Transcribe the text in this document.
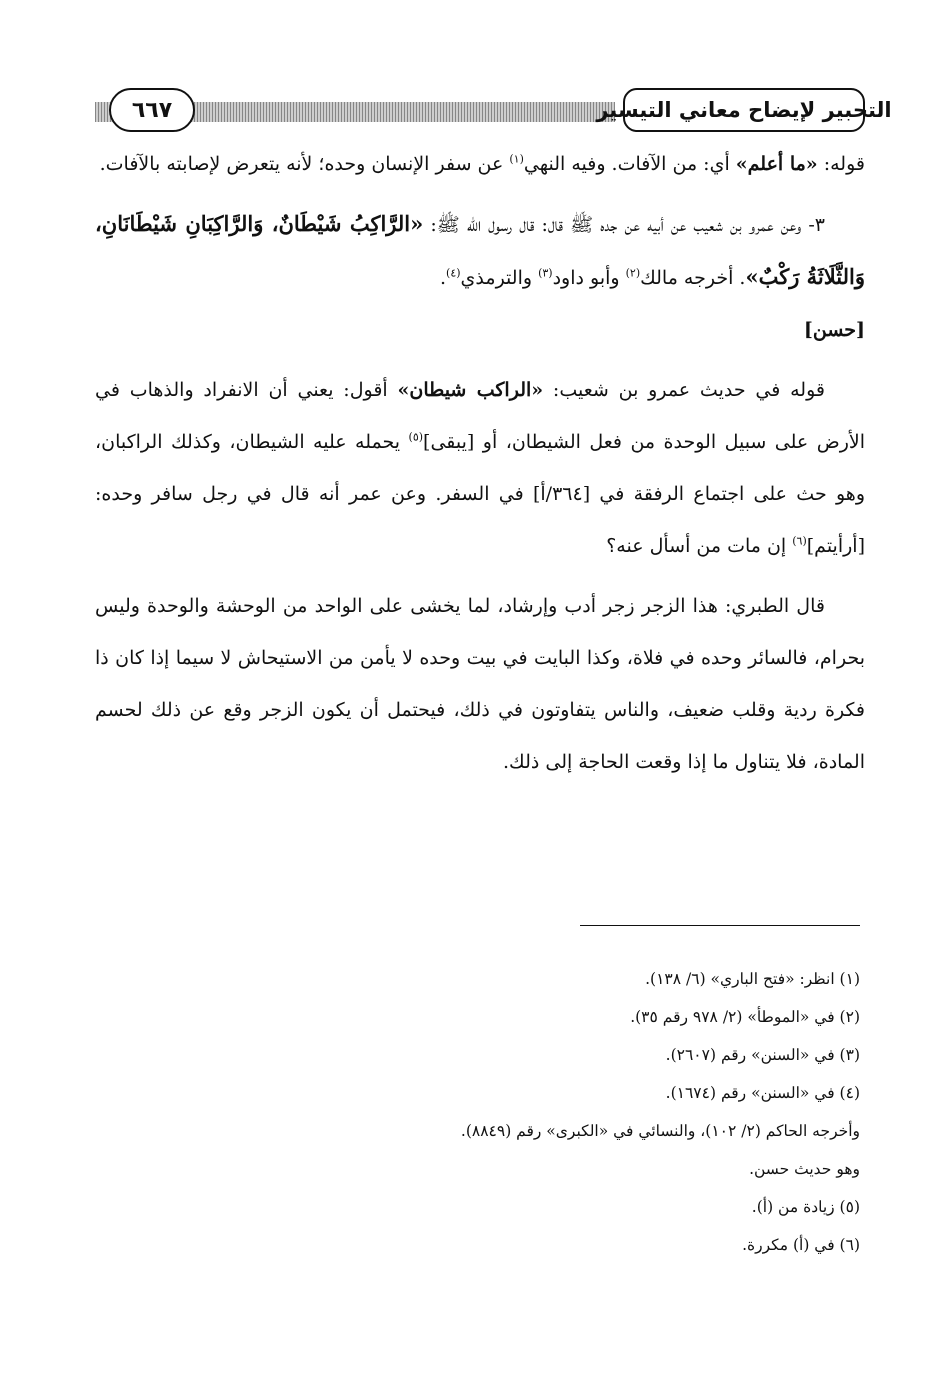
التحبير لإيضاح معاني التيسير
٦٦٧

قوله: «ما أعلم» أي: من الآفات. وفيه النهي$^{(١)}$ عن سفر الإنسان وحده؛ لأنه يتعرض لإصابته بالآفات.

٣- وعن عمرو بن شعيب عن أبيه عن جده ﷺ قال: قال رسول الله ﷺ: «الرَّاكِبُ شَيْطَانٌ، وَالرَّاكِبَانِ شَيْطَانَانِ، وَالثَّلَاثَةُ رَكْبٌ». أخرجه مالك$^{(٢)}$ وأبو داود$^{(٣)}$ والترمذي$^{(٤)}$.
[حسن]

قوله في حديث عمرو بن شعيب: «الراكب شيطان» أقول: يعني أن الانفراد والذهاب في الأرض على سبيل الوحدة من فعل الشيطان، أو [يبقى]$^{(٥)}$ يحمله عليه الشيطان، وكذلك الراكبان، وهو حث على اجتماع الرفقة في [٣٦٤/أ] في السفر. وعن عمر أنه قال في رجل سافر وحده: [أرأيتم]$^{(٦)}$ إن مات من أسأل عنه؟

قال الطبري: هذا الزجر زجر أدب وإرشاد، لما يخشى على الواحد من الوحشة والوحدة وليس بحرام، فالسائر وحده في فلاة، وكذا البايت في بيت وحده لا يأمن من الاستيحاش لا سيما إذا كان ذا فكرة ردية وقلب ضعيف، والناس يتفاوتون في ذلك، فيحتمل أن يكون الزجر وقع عن ذلك لحسم المادة، فلا يتناول ما إذا وقعت الحاجة إلى ذلك.

(١) انظر: «فتح الباري» (٦/ ١٣٨).

(٢) في «الموطأ» (٢/ ٩٧٨ رقم ٣٥).

(٣) في «السنن» رقم (٢٦٠٧).

(٤) في «السنن» رقم (١٦٧٤).

وأخرجه الحاكم (٢/ ١٠٢)، والنسائي في «الكبرى» رقم (٨٨٤٩).

وهو حديث حسن.

(٥) زيادة من (أ).

(٦) في (أ) مكررة.
